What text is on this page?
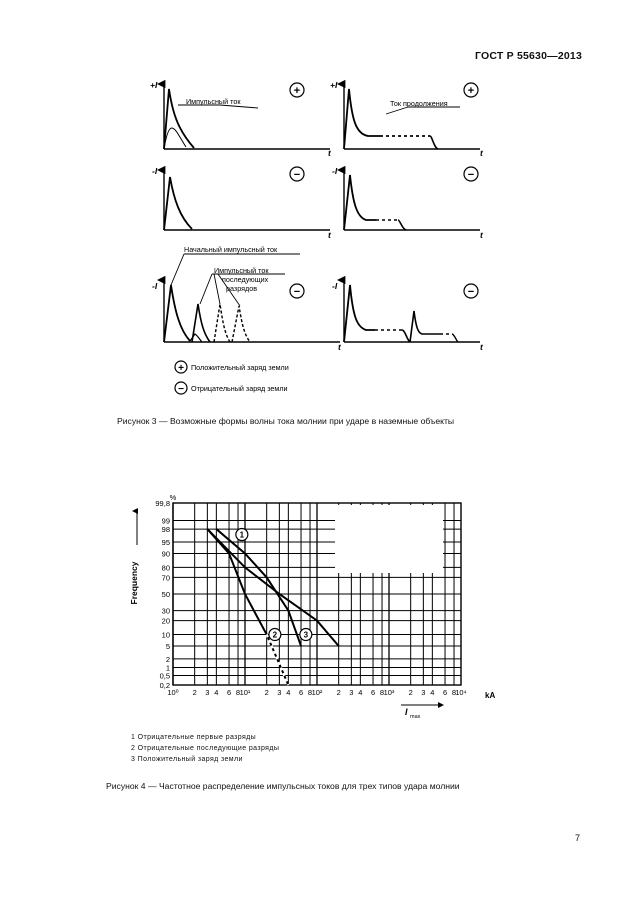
ГОСТ Р 55630—2013
+I	+I
-I	-I
-I	-I
t	t
t	t
t	t
Импульсный ток	Ток продолжения
Начальный импульсный ток
Импульсный ток
последующих
разрядов
+	+
−	−
−	−
+
−
Положительный заряд земли
Отрицательный заряд земли
Рисунок 3 — Возможные формы волны тока молнии при ударе в наземные объекты
1
2	3
99,8
99
98
95
90
80
70
50
30
20
10
5
2
1
0,5
0,2
10⁰ 2 3 4 6 8 10¹ 2 3 4 6 8 10² 2 3 4 6 8 10³ 2 3 4 6 8 10⁴
Frequency
%
kA
I max
1 Отрицательные первые разряды
2 Отрицательные последующие разряды
3 Положительный заряд земли
Рисунок 4 — Частотное распределение импульсных токов для трех типов удара молнии
7
